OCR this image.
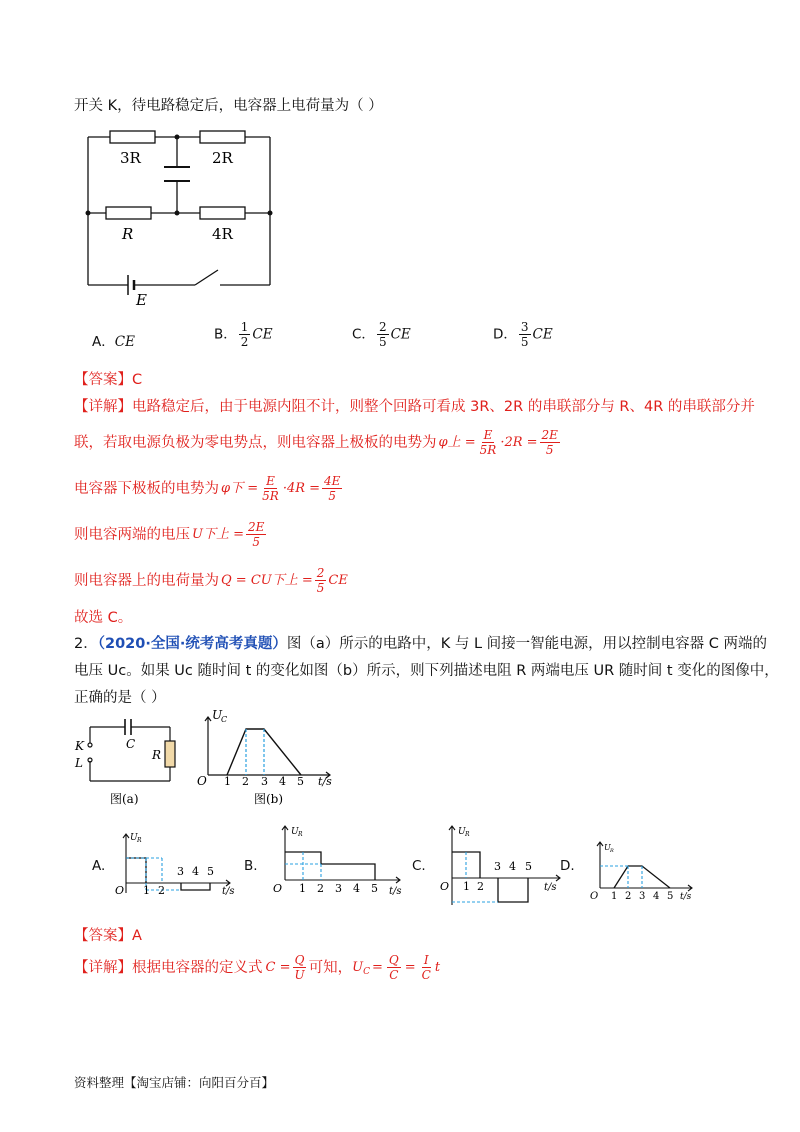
开关 K，待电路稳定后，电容器上电荷量为（ ）
3R	2R
R	4R
E
A．CE	B． $\frac{1}{2}$ CE	C． $\frac{2}{5}$ CE	D． $\frac{3}{5}$ CE
【答案】C
【详解】电路稳定后，由于电源内阻不计，则整个回路可看成 3R、2R 的串联部分与 R、4R 的串联部分并
联，若取电源负极为零电势点，则电容器上极板的电势为 φ上 = $\frac{E}{5R} \cdot 2R = \frac{2E}{5}$
电容器下极板的电势为 φ下 = $\frac{E}{5R} \cdot 4R = \frac{4E}{5}$
则电容两端的电压 U下上 = $\frac{2E}{5}$
则电容器上的电荷量为 Q = CU下上 = $\frac{2}{5}$ CE
故选 C。
2．（2020·全国·统考高考真题）图（a）所示的电路中，K 与 L 间接一智能电源，用以控制电容器 C 两端的
电压 Uc。如果 Uc 随时间 t 的变化如图（b）所示，则下列描述电阻 R 两端电压 UR 随时间 t 变化的图像中，
正确的是（ ）
K
L
C
R
图(a)
U
C
O 1 2 3 4 5 t/s
图(b)
A.
U R
O 1 2
3 4 5
t/s
B.
U R
O 1 2 3 4 5 t/s
C.
U R
O 1 2
3 4 5
t/s
D.
U R
O 1 2 3 4 5 t/s
【答案】A
【详解】 根据电容器的定义式 $C = \frac{Q}{U}$ 可知， U $C = \frac{Q}{C} = \frac{I}{C}$ t
资料整理【淘宝店铺：向阳百分百】
